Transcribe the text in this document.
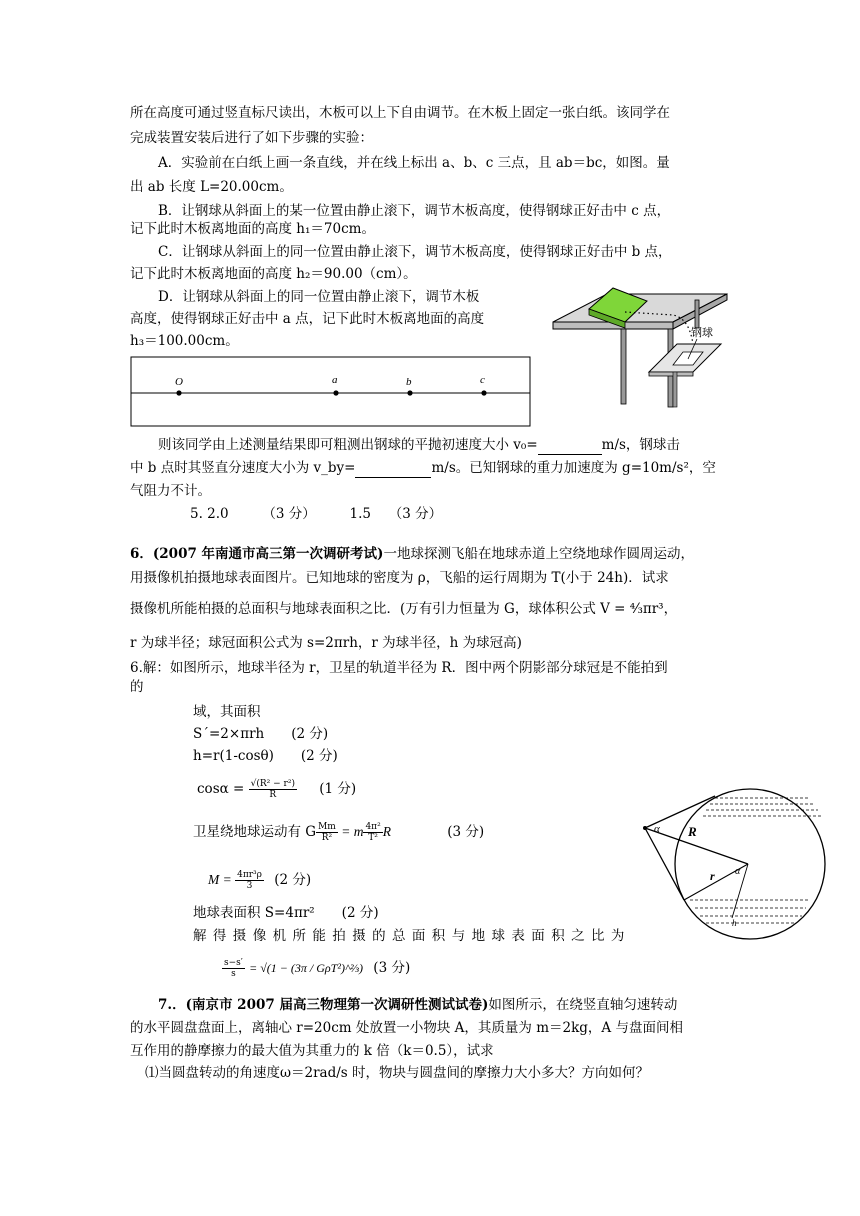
所在高度可通过竖直标尺读出，木板可以上下自由调节。在木板上固定一张白纸。该同学在
完成装置安装后进行了如下步骤的实验：
A．实验前在白纸上画一条直线，并在线上标出 a、b、c 三点，且 ab＝bc，如图。量
出 ab 长度 L=20.00cm。
B．让钢球从斜面上的某一位置由静止滚下，调节木板高度，使得钢球正好击中 c 点，
记下此时木板离地面的高度 h₁＝70cm。
C．让钢球从斜面上的同一位置由静止滚下，调节木板高度，使得钢球正好击中 b 点，
记下此时木板离地面的高度 h₂＝90.00（cm）。
D．让钢球从斜面上的同一位置由静止滚下，调节木板
高度，使得钢球正好击中 a 点，记下此时木板离地面的高度
h₃＝100.00cm。
O	a	b	c
钢球
则该同学由上述测量结果即可粗测出钢球的平抛初速度大小 v₀=	m/s，钢球击
中 b 点时其竖直分速度大小为 v_by=	m/s。已知钢球的重力加速度为 g=10m/s²，空
气阻力不计。
5. 2.0　　　（3 分）　　　1.5　 （3 分）
6．(2007 年南通市高三第一次调研考试)一地球探测飞船在地球赤道上空绕地球作圆周运动，
用摄像机拍摄地球表面图片。已知地球的密度为 ρ，飞船的运行周期为 T(小于 24h)．试求
摄像机所能柏摄的总面积与地球表面积之比．(万有引力恒量为 G，球体积公式 V = ⁴⁄₃πr³，
r 为球半径；球冠面积公式为 s=2πrh，r 为球半径，h 为球冠高)
6.解：如图所示，地球半径为 r，卫星的轨道半径为 R．图中两个阴影部分球冠是不能拍到
的
域，其面积
S´=2×πrh　　(2 分)
h=r(1-cosθ)　　(2 分)
$\cos\alpha = \frac{\text{√(R² − r²)}}{R} (1$ 分)
卫星绕地球运动有 G $\frac{Mm}{\text{R²}} = m \frac{\text{4π²}}{\text{T²}}$ R	(3 分)
$M = \frac{\text{4πr³ρ}}{3} (2$ 分)
地球表面积 S=4πr²　　(2 分)
解得摄像机所能拍摄的总面积与地球表面积之比为
$\frac{s-s'}{s} = √(1 - (3\pi$ / GρT²)^⅔) (3 分)
R
r
α
α
h
7.．(南京市 2007 届高三物理第一次调研性测试试卷)如图所示，在绕竖直轴匀速转动
的水平圆盘盘面上，离轴心 r=20cm 处放置一小物块 A，其质量为 m＝2kg，A 与盘面间相
互作用的静摩擦力的最大值为其重力的 k 倍（k＝0.5），试求
⑴当圆盘转动的角速度ω＝2rad/s 时，物块与圆盘间的摩擦力大小多大？方向如何？
